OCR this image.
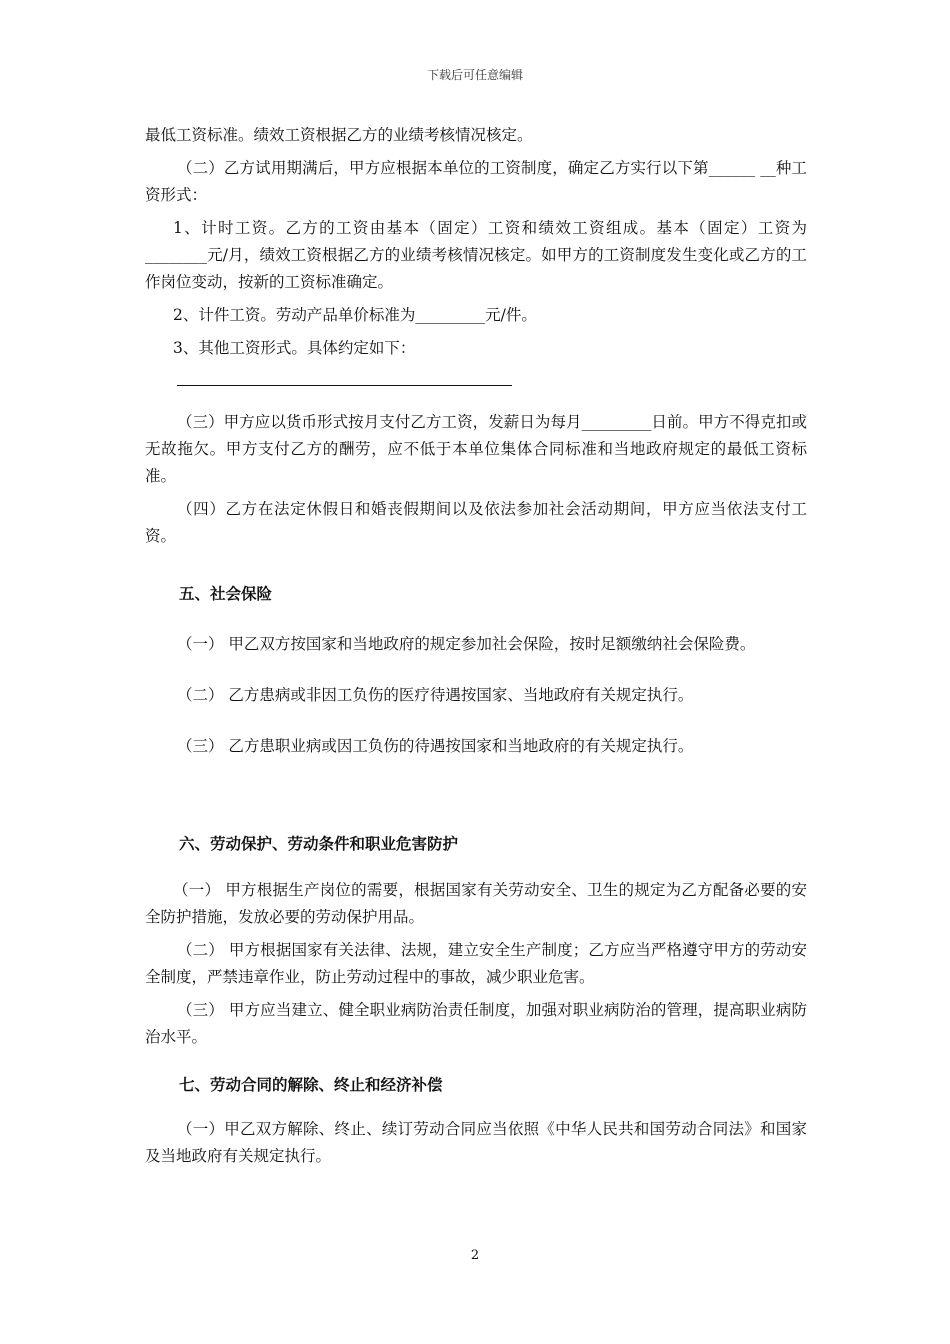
下载后可任意编辑

最低工资标准。绩效工资根据乙方的业绩考核情况核定。

（二）乙方试用期满后，甲方应根据本单位的工资制度，确定乙方实行以下第______ __种工资形式：

1、计时工资。乙方的工资由基本（固定）工资和绩效工资组成。基本（固定）工资为________元/月，绩效工资根据乙方的业绩考核情况核定。如甲方的工资制度发生变化或乙方的工作岗位变动，按新的工资标准确定。

2、计件工资。劳动产品单价标准为_________元/件。

3、其他工资形式。具体约定如下：

（三）甲方应以货币形式按月支付乙方工资，发薪日为每月_________日前。甲方不得克扣或无故拖欠。甲方支付乙方的酬劳，应不低于本单位集体合同标准和当地政府规定的最低工资标准。

（四）乙方在法定休假日和婚丧假期间以及依法参加社会活动期间，甲方应当依法支付工资。

五、社会保险

（一） 甲乙双方按国家和当地政府的规定参加社会保险，按时足额缴纳社会保险费。

（二） 乙方患病或非因工负伤的医疗待遇按国家、当地政府有关规定执行。

（三） 乙方患职业病或因工负伤的待遇按国家和当地政府的有关规定执行。

六、劳动保护、劳动条件和职业危害防护

（一） 甲方根据生产岗位的需要，根据国家有关劳动安全、卫生的规定为乙方配备必要的安全防护措施，发放必要的劳动保护用品。

（二） 甲方根据国家有关法律、法规，建立安全生产制度；乙方应当严格遵守甲方的劳动安全制度，严禁违章作业，防止劳动过程中的事故，减少职业危害。

（三） 甲方应当建立、健全职业病防治责任制度，加强对职业病防治的管理，提高职业病防治水平。

七、劳动合同的解除、终止和经济补偿

（一）甲乙双方解除、终止、续订劳动合同应当依照《中华人民共和国劳动合同法》和国家及当地政府有关规定执行。

2
